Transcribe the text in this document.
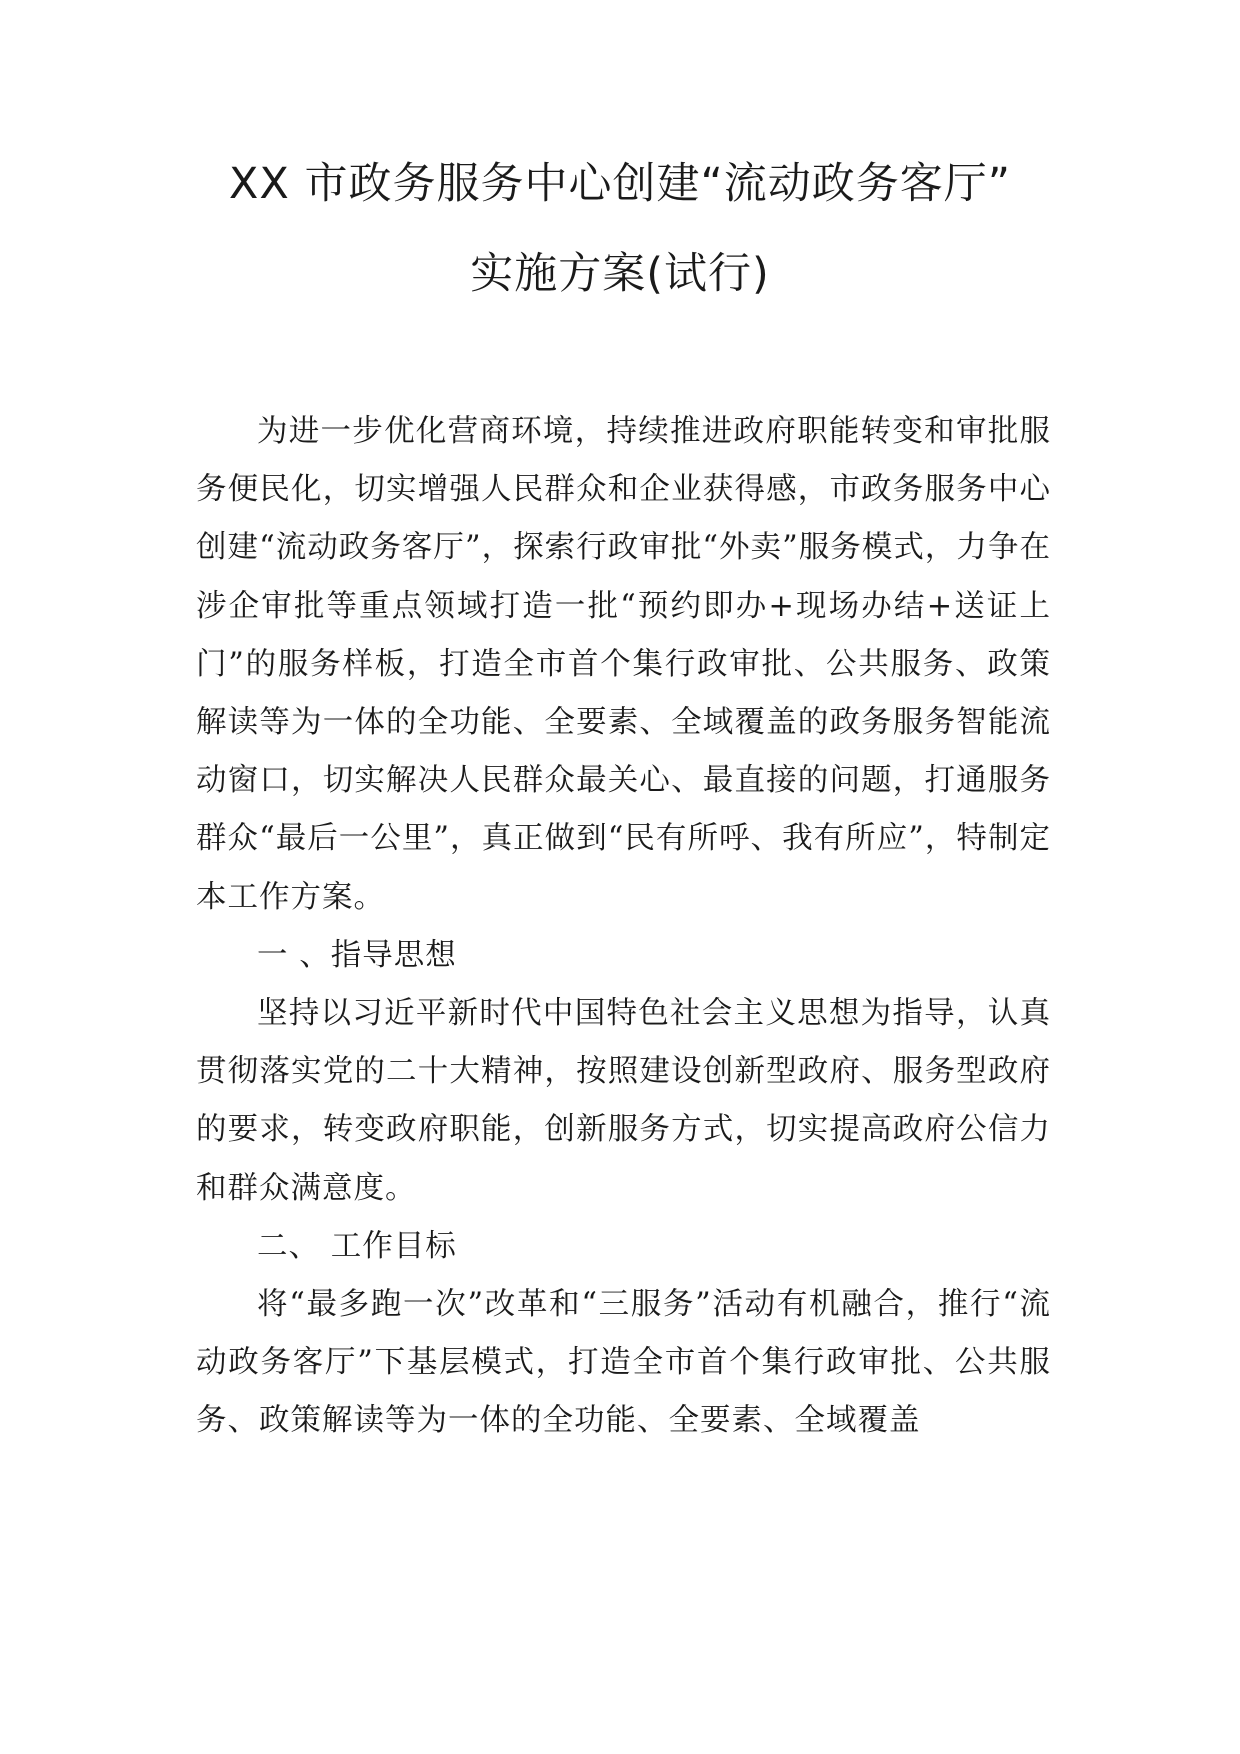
XX 市政务服务中心创建“流动政务客厅”
实施方案(试行)

为进一步优化营商环境，持续推进政府职能转变和审批服务便民化，切实增强人民群众和企业获得感，市政务服务中心创建“流动政务客厅”，探索行政审批“外卖”服务模式，力争在涉企审批等重点领域打造一批“预约即办+现场办结+送证上门”的服务样板，打造全市首个集行政审批、公共服务、政策解读等为一体的全功能、全要素、全域覆盖的政务服务智能流动窗口，切实解决人民群众最关心、最直接的问题，打通服务群众“最后一公里”，真正做到“民有所呼、我有所应”，特制定本工作方案。

一 、指导思想

坚持以习近平新时代中国特色社会主义思想为指导，认真贯彻落实党的二十大精神，按照建设创新型政府、服务型政府的要求，转变政府职能，创新服务方式，切实提高政府公信力和群众满意度。

二、 工作目标

将“最多跑一次”改革和“三服务”活动有机融合，推行“流动政务客厅”下基层模式，打造全市首个集行政审批、公共服务、政策解读等为一体的全功能、全要素、全域覆盖
